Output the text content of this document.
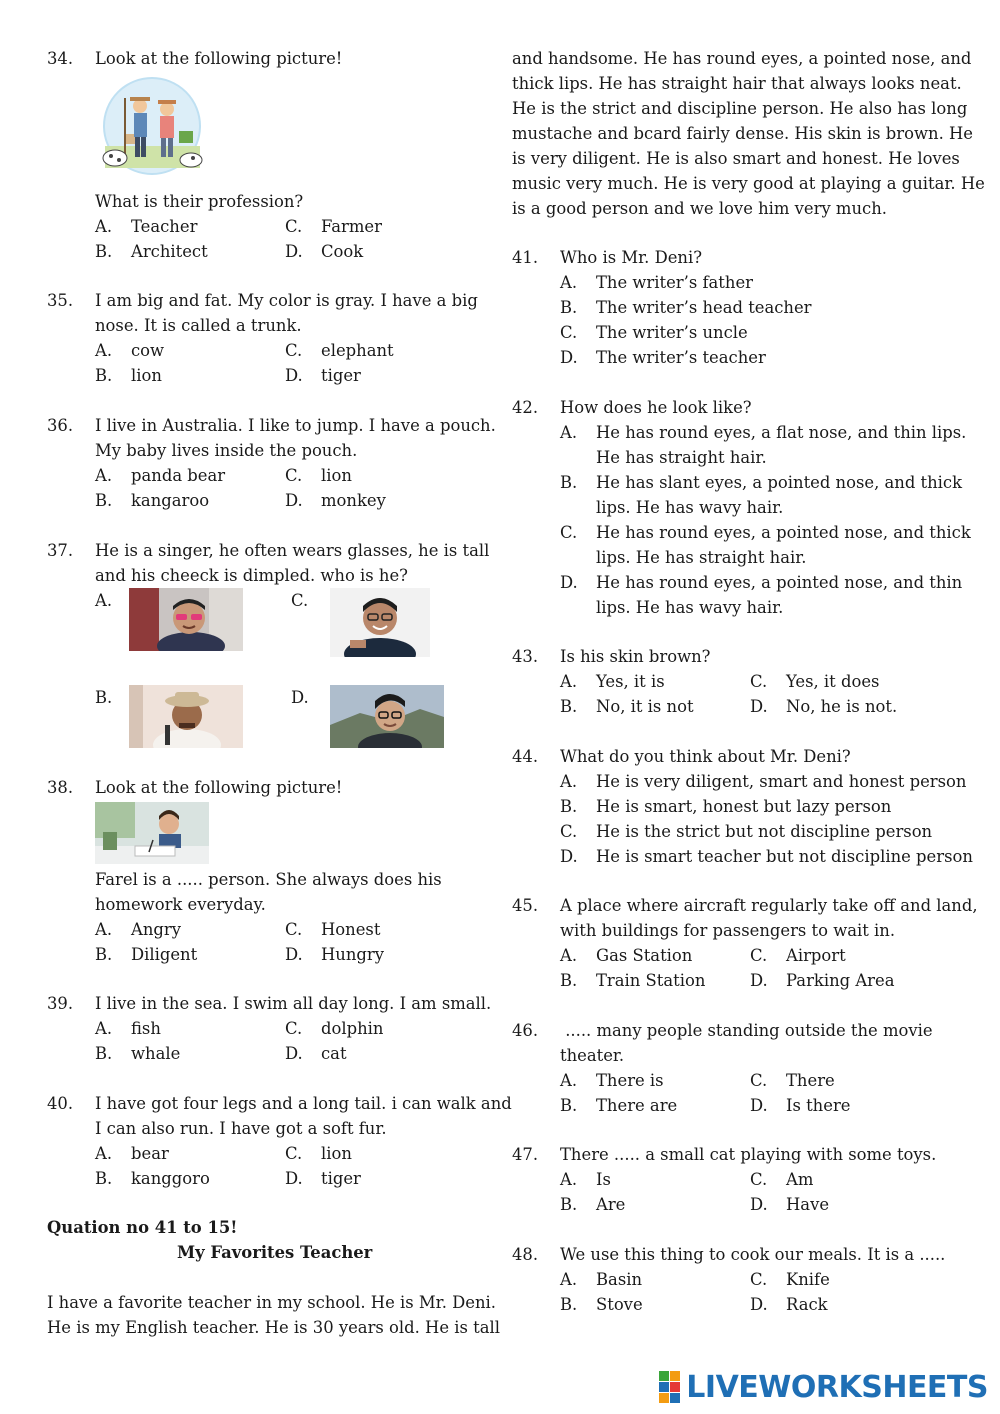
34. Look at the following picture!
What is their profession?
A. Teacher	C. Farmer
B. Architect	D. Cook
35. I am big and fat. My color is gray. I have a big
nose. It is called a trunk.
A. cow	C. elephant
B. lion	D. tiger
36. I live in Australia. I like to jump. I have a pouch.
My baby lives inside the pouch.
A. panda bear	C. lion
B. kangaroo	D. monkey
37. He is a singer, he often wears glasses, he is tall
and his cheeck is dimpled. who is he?
A.	C.
B.	D.
38. Look at the following picture!
Farel is a ..... person. She always does his
homework everyday.
A. Angry	C. Honest
B. Diligent	D. Hungry
39. I live in the sea. I swim all day long. I am small.
A. fish	C. dolphin
B. whale	D. cat
40. I have got four legs and a long tail. i can walk and
I can also run. I have got a soft fur.
A. bear	C. lion
B. kanggoro	D. tiger
Quation no 41 to 15!
My Favorites Teacher
I have a favorite teacher in my school. He is Mr. Deni.
He is my English teacher. He is 30 years old. He is tall
and handsome. He has round eyes, a pointed nose, and
thick lips. He has straight hair that always looks neat.
He is the strict and discipline person. He also has long
mustache and bcard fairly dense. His skin is brown. He
is very diligent. He is also smart and honest. He loves
music very much. He is very good at playing a guitar. He
is a good person and we love him very much.
41. Who is Mr. Deni?
A. The writer’s father
B. The writer’s head teacher
C. The writer’s uncle
D. The writer’s teacher
42. How does he look like?
A. He has round eyes, a flat nose, and thin lips.
He has straight hair.
B. He has slant eyes, a pointed nose, and thick
lips. He has wavy hair.
C. He has round eyes, a pointed nose, and thick
lips. He has straight hair.
D. He has round eyes, a pointed nose, and thin
lips. He has wavy hair.
43. Is his skin brown?
A. Yes, it is	C. Yes, it does
B. No, it is not	D. No, he is not.
44. What do you think about Mr. Deni?
A. He is very diligent, smart and honest person
B. He is smart, honest but lazy person
C. He is the strict but not discipline person
D. He is smart teacher but not discipline person
45. A place where aircraft regularly take off and land,
with buildings for passengers to wait in.
A. Gas Station	C. Airport
B. Train Station	D. Parking Area
46. ..... many people standing outside the movie
theater.
A. There is	C. There
B. There are	D. Is there
47. There ..... a small cat playing with some toys.
A. Is	C. Am
B. Are	D. Have
48. We use this thing to cook our meals. It is a .....
A. Basin	C. Knife
B. Stove	D. Rack
LIVEWORKSHEETS
